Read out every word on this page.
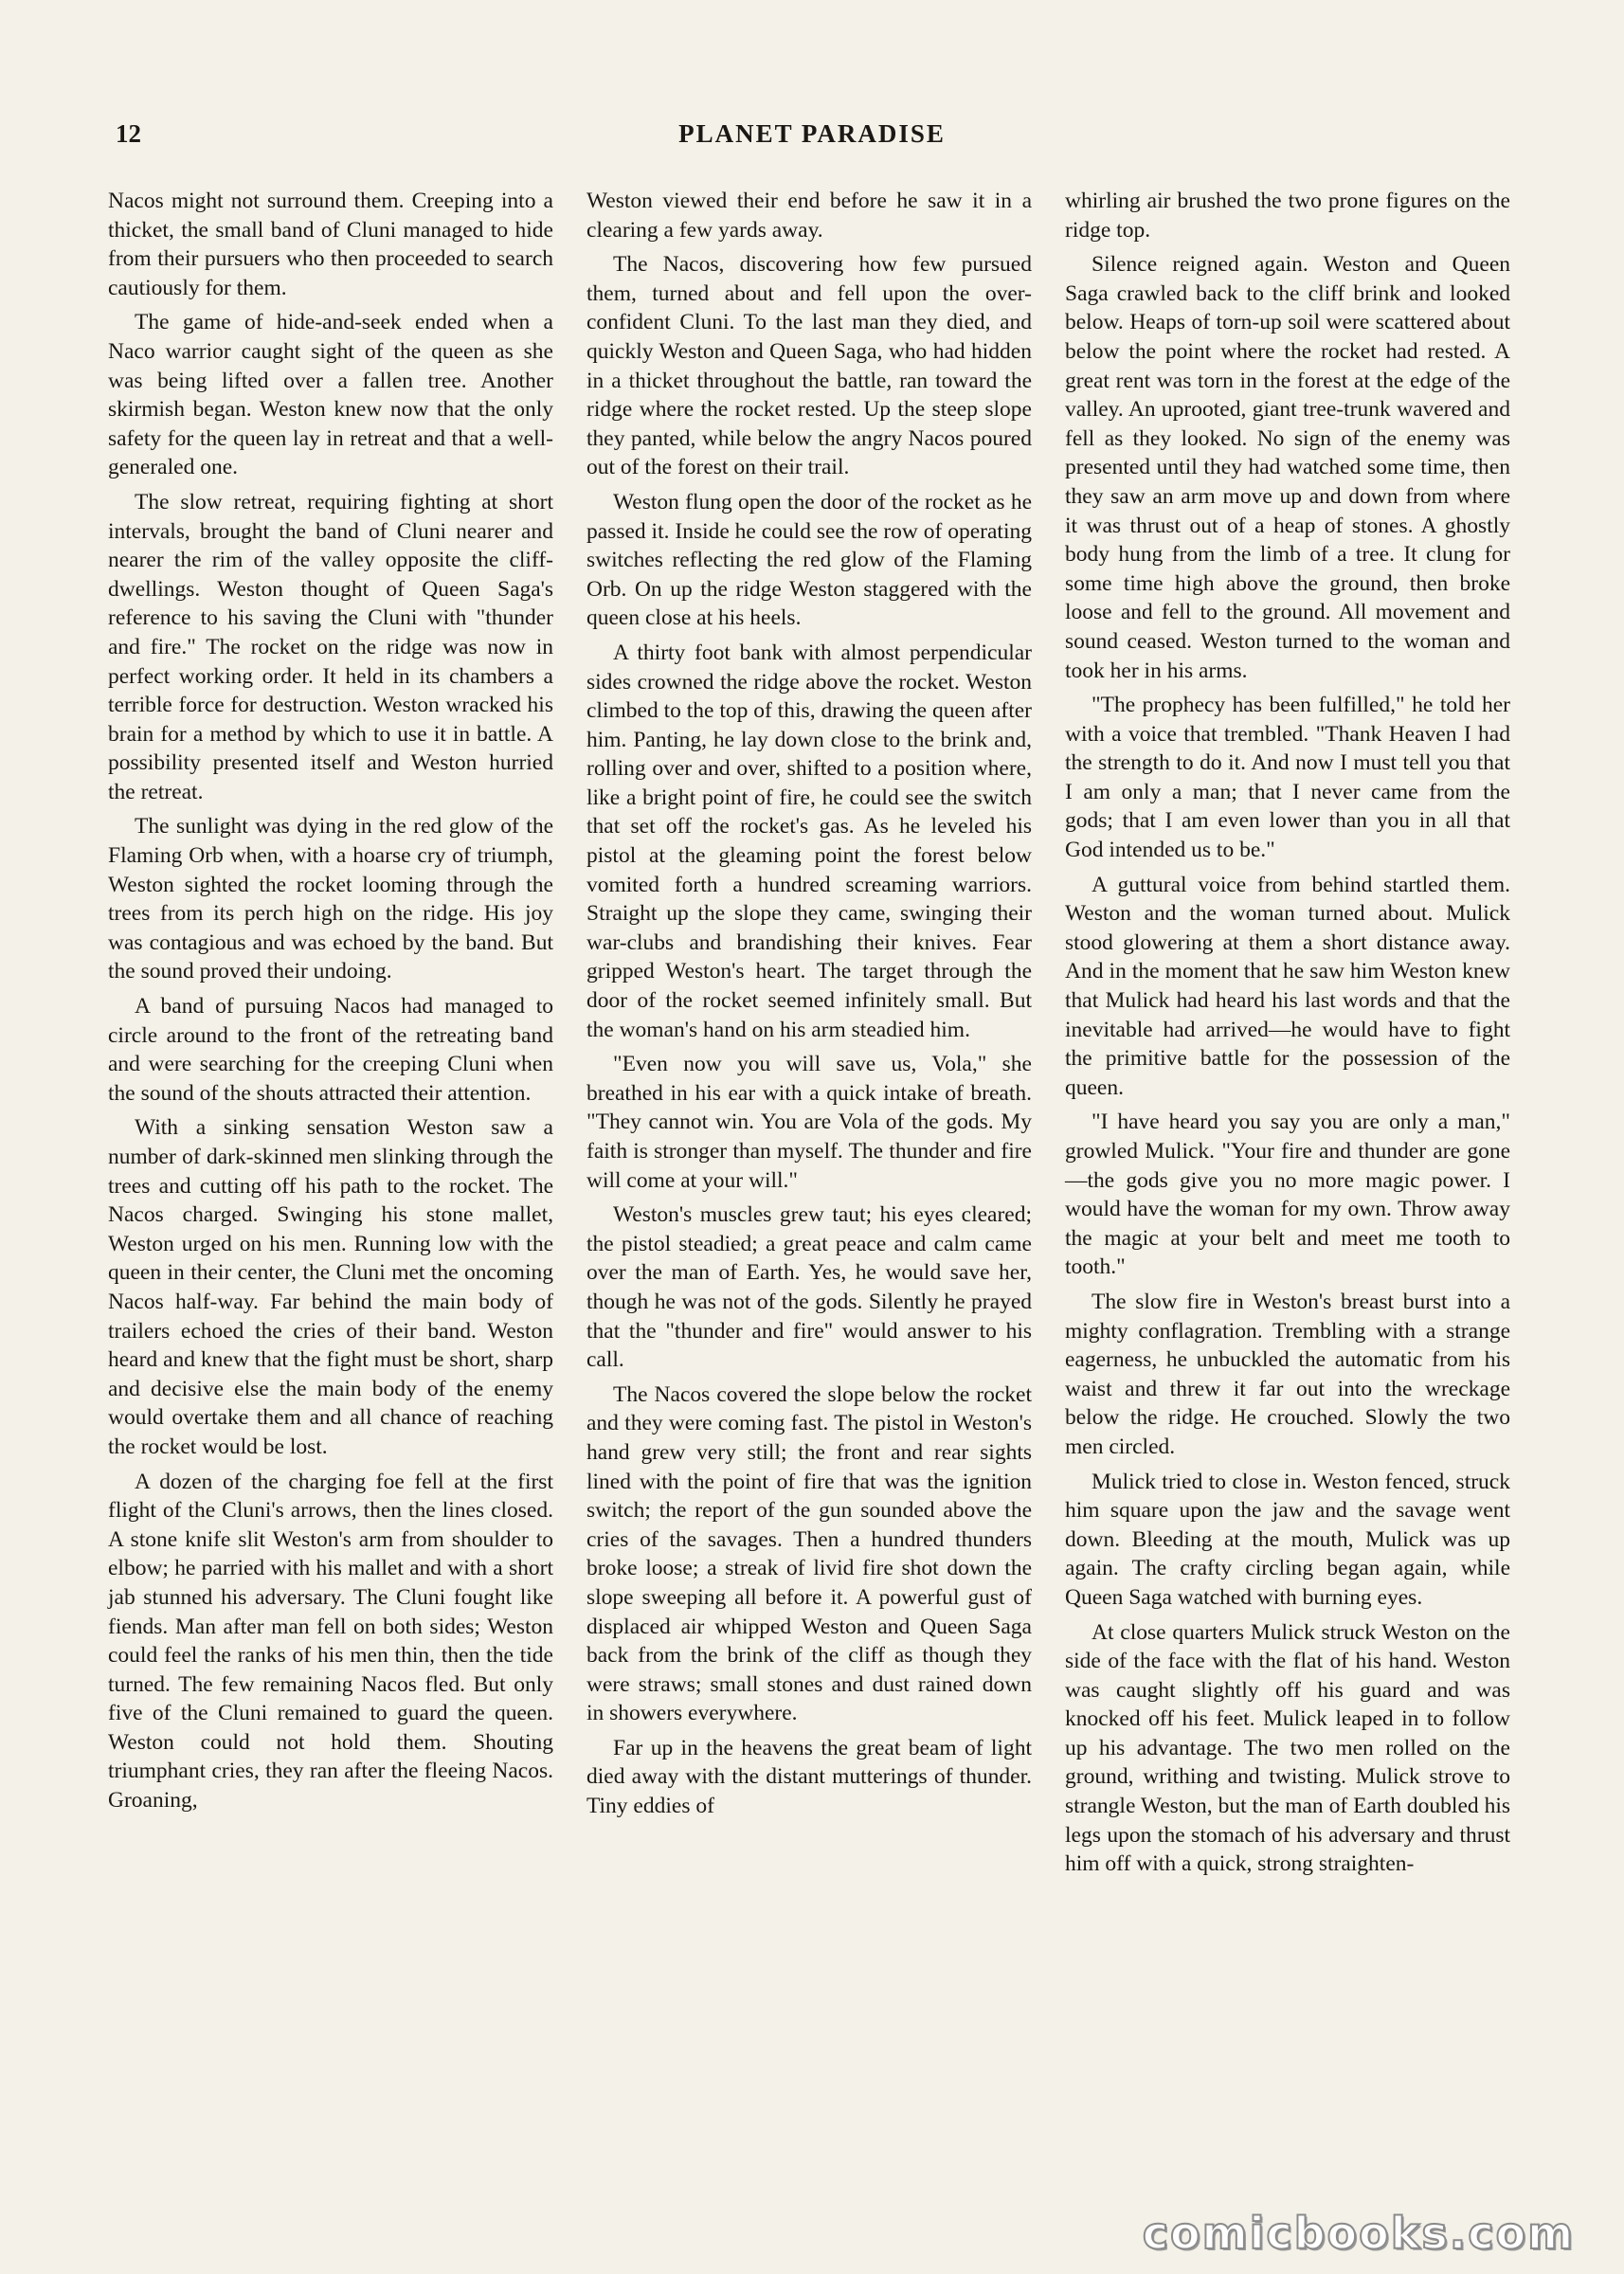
12	PLANET PARADISE

Nacos might not surround them. Creeping into a thicket, the small band of Cluni managed to hide from their pursuers who then proceeded to search cautiously for them.

The game of hide-and-seek ended when a Naco warrior caught sight of the queen as she was being lifted over a fallen tree. Another skirmish began. Weston knew now that the only safety for the queen lay in retreat and that a well-generaled one.

The slow retreat, requiring fighting at short intervals, brought the band of Cluni nearer and nearer the rim of the valley opposite the cliff-dwellings. Weston thought of Queen Saga's reference to his saving the Cluni with "thunder and fire." The rocket on the ridge was now in perfect working order. It held in its chambers a terrible force for destruction. Weston wracked his brain for a method by which to use it in battle. A possibility presented itself and Weston hurried the retreat.

The sunlight was dying in the red glow of the Flaming Orb when, with a hoarse cry of triumph, Weston sighted the rocket looming through the trees from its perch high on the ridge. His joy was contagious and was echoed by the band. But the sound proved their undoing.

A band of pursuing Nacos had managed to circle around to the front of the retreating band and were searching for the creeping Cluni when the sound of the shouts attracted their attention.

With a sinking sensation Weston saw a number of dark-skinned men slinking through the trees and cutting off his path to the rocket. The Nacos charged. Swinging his stone mallet, Weston urged on his men. Running low with the queen in their center, the Cluni met the oncoming Nacos half-way. Far behind the main body of trailers echoed the cries of their band. Weston heard and knew that the fight must be short, sharp and decisive else the main body of the enemy would overtake them and all chance of reaching the rocket would be lost.

A dozen of the charging foe fell at the first flight of the Cluni's arrows, then the lines closed. A stone knife slit Weston's arm from shoulder to elbow; he parried with his mallet and with a short jab stunned his adversary. The Cluni fought like fiends. Man after man fell on both sides; Weston could feel the ranks of his men thin, then the tide turned. The few remaining Nacos fled. But only five of the Cluni remained to guard the queen. Weston could not hold them. Shouting triumphant cries, they ran after the fleeing Nacos. Groaning,

Weston viewed their end before he saw it in a clearing a few yards away.

The Nacos, discovering how few pursued them, turned about and fell upon the over-confident Cluni. To the last man they died, and quickly Weston and Queen Saga, who had hidden in a thicket throughout the battle, ran toward the ridge where the rocket rested. Up the steep slope they panted, while below the angry Nacos poured out of the forest on their trail.

Weston flung open the door of the rocket as he passed it. Inside he could see the row of operating switches reflecting the red glow of the Flaming Orb. On up the ridge Weston staggered with the queen close at his heels.

A thirty foot bank with almost perpendicular sides crowned the ridge above the rocket. Weston climbed to the top of this, drawing the queen after him. Panting, he lay down close to the brink and, rolling over and over, shifted to a position where, like a bright point of fire, he could see the switch that set off the rocket's gas. As he leveled his pistol at the gleaming point the forest below vomited forth a hundred screaming warriors. Straight up the slope they came, swinging their war-clubs and brandishing their knives. Fear gripped Weston's heart. The target through the door of the rocket seemed infinitely small. But the woman's hand on his arm steadied him.

"Even now you will save us, Vola," she breathed in his ear with a quick intake of breath. "They cannot win. You are Vola of the gods. My faith is stronger than myself. The thunder and fire will come at your will."

Weston's muscles grew taut; his eyes cleared; the pistol steadied; a great peace and calm came over the man of Earth. Yes, he would save her, though he was not of the gods. Silently he prayed that the "thunder and fire" would answer to his call.

The Nacos covered the slope below the rocket and they were coming fast. The pistol in Weston's hand grew very still; the front and rear sights lined with the point of fire that was the ignition switch; the report of the gun sounded above the cries of the savages. Then a hundred thunders broke loose; a streak of livid fire shot down the slope sweeping all before it. A powerful gust of displaced air whipped Weston and Queen Saga back from the brink of the cliff as though they were straws; small stones and dust rained down in showers everywhere.

Far up in the heavens the great beam of light died away with the distant mutterings of thunder. Tiny eddies of

whirling air brushed the two prone figures on the ridge top.

Silence reigned again. Weston and Queen Saga crawled back to the cliff brink and looked below. Heaps of torn-up soil were scattered about below the point where the rocket had rested. A great rent was torn in the forest at the edge of the valley. An uprooted, giant tree-trunk wavered and fell as they looked. No sign of the enemy was presented until they had watched some time, then they saw an arm move up and down from where it was thrust out of a heap of stones. A ghostly body hung from the limb of a tree. It clung for some time high above the ground, then broke loose and fell to the ground. All movement and sound ceased. Weston turned to the woman and took her in his arms.

"The prophecy has been fulfilled," he told her with a voice that trembled. "Thank Heaven I had the strength to do it. And now I must tell you that I am only a man; that I never came from the gods; that I am even lower than you in all that God intended us to be."

A guttural voice from behind startled them. Weston and the woman turned about. Mulick stood glowering at them a short distance away. And in the moment that he saw him Weston knew that Mulick had heard his last words and that the inevitable had arrived—he would have to fight the primitive battle for the possession of the queen.

"I have heard you say you are only a man," growled Mulick. "Your fire and thunder are gone—the gods give you no more magic power. I would have the woman for my own. Throw away the magic at your belt and meet me tooth to tooth."

The slow fire in Weston's breast burst into a mighty conflagration. Trembling with a strange eagerness, he unbuckled the automatic from his waist and threw it far out into the wreckage below the ridge. He crouched. Slowly the two men circled.

Mulick tried to close in. Weston fenced, struck him square upon the jaw and the savage went down. Bleeding at the mouth, Mulick was up again. The crafty circling began again, while Queen Saga watched with burning eyes.

At close quarters Mulick struck Weston on the side of the face with the flat of his hand. Weston was caught slightly off his guard and was knocked off his feet. Mulick leaped in to follow up his advantage. The two men rolled on the ground, writhing and twisting. Mulick strove to strangle Weston, but the man of Earth doubled his legs upon the stomach of his adversary and thrust him off with a quick, strong straighten-

comicbooks.com
